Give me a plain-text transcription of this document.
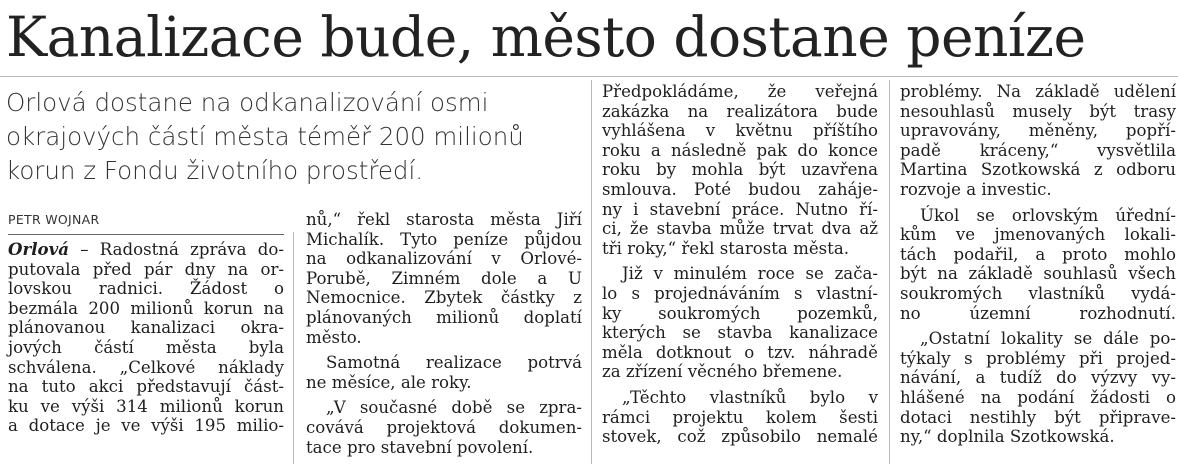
Kanalizace bude, město dostane peníze
Orlová dostane na odkanalizování osmi
okrajových částí města téměř 200 milionů
korun z Fondu životního prostředí.
PETR WOJNAR
Orlová – Radostná zpráva do-
putovala před pár dny na or-
lovskou radnici. Žádost o
bezmála 200 milionů korun na
plánovanou kanalizaci okra-
jových částí města byla
schválena. „Celkové náklady
na tuto akci představují část-
ku ve výši 314 milionů korun
a dotace je ve výši 195 milio-
nů,“ řekl starosta města Jiří
Michalík. Tyto peníze půjdou
na odkanalizování v Orlové-
Porubě, Zimném dole a U
Nemocnice. Zbytek částky z
plánovaných milionů doplatí
město.
Samotná realizace potrvá
ne měsíce, ale roky.
„V současné době se zpra-
covává projektová dokumen-
tace pro stavební povolení.
Předpokládáme, že veřejná
zakázka na realizátora bude
vyhlášena v květnu příštího
roku a následně pak do konce
roku by mohla být uzavřena
smlouva. Poté budou zaháje-
ny i stavební práce. Nutno ří-
ci, že stavba může trvat dva až
tři roky,“ řekl starosta města.
Již v minulém roce se zača-
lo s projednáváním s vlastní-
ky soukromých pozemků,
kterých se stavba kanalizace
měla dotknout o tzv. náhradě
za zřízení věcného břemene.
„Těchto vlastníků bylo v
rámci projektu kolem šesti
stovek, což způsobilo nemalé
problémy. Na základě udělení
nesouhlasů musely být trasy
upravovány, měněny, popří-
padě kráceny,“ vysvětlila
Martina Szotkowská z odboru
rozvoje a investic.
Úkol se orlovským úřední-
kům ve jmenovaných lokali-
tách podařil, a proto mohlo
být na základě souhlasů všech
soukromých vlastníků vydá-
no územní rozhodnutí.
„Ostatní lokality se dále po-
týkaly s problémy při projed-
návání, a tudíž do výzvy vy-
hlášené na podání žádosti o
dotaci nestihly být připrave-
ny,“ doplnila Szotkowská.
